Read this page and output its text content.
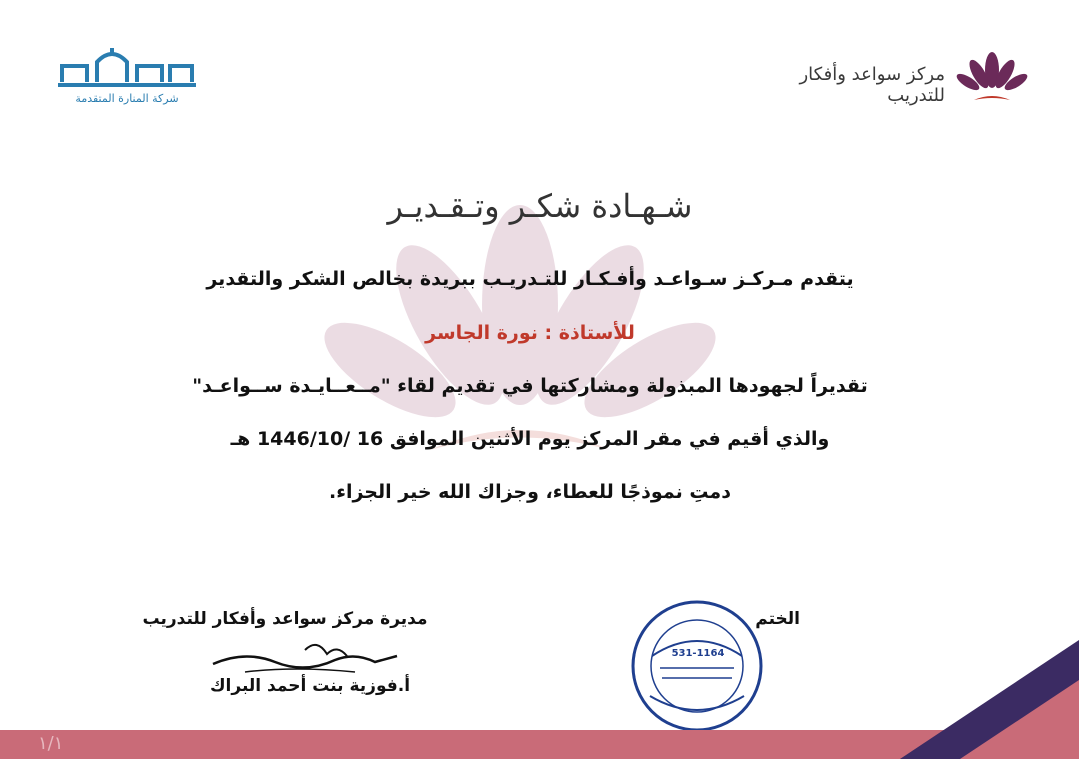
شركة المنارة المتقدمة
مركز سواعد وأفكار للتدريب
شـهـادة شكـر وتـقـديـر
يتقدم مـركـز سـواعـد وأفـكـار للتـدريـب ببريدة بخالص الشكر والتقدير
للأستاذة : نورة الجاسر
تقديراً لجهودها المبذولة ومشاركتها في تقديم لقاء "مــعــايـدة ســواعـد"
والذي أقيم في مقر المركز يوم الأثنين الموافق 16 /1446/10 هـ
دمتِ نموذجًا للعطاء، وجزاك الله خير الجزاء.
الختم
مديرة مركز سواعد وأفكار للتدريب
أ.فوزية بنت أحمد البراك
531-1164
١/١
